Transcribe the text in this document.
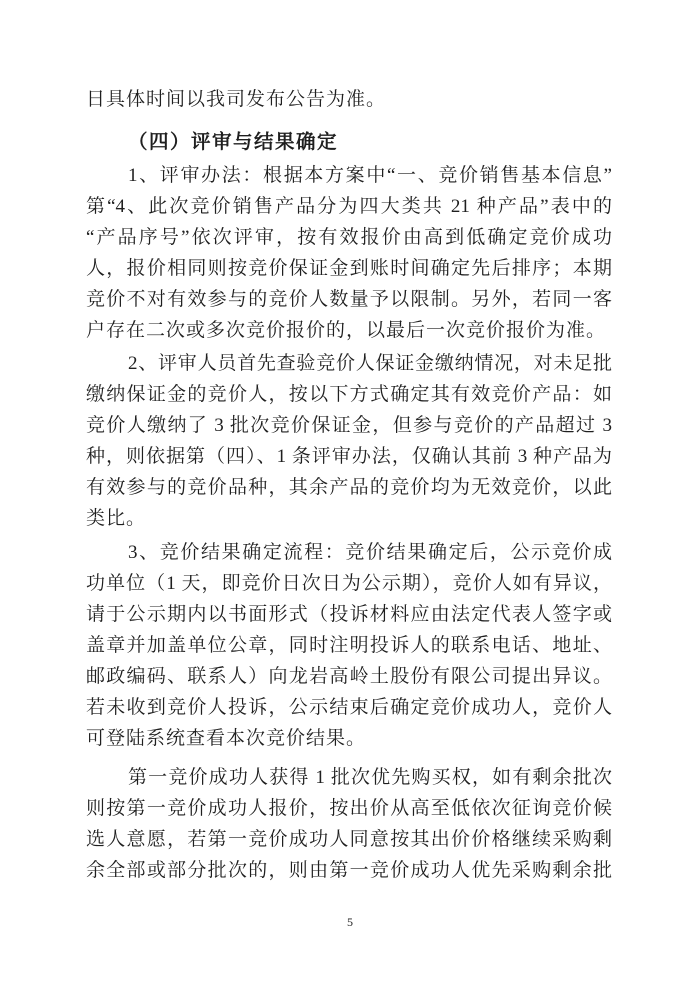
日具体时间以我司发布公告为准。
（四）评审与结果确定
1、评审办法：根据本方案中“一、竞价销售基本信息”
第“4、此次竞价销售产品分为四大类共 21 种产品”表中的
“产品序号”依次评审，按有效报价由高到低确定竞价成功
人，报价相同则按竞价保证金到账时间确定先后排序；本期
竞价不对有效参与的竞价人数量予以限制。另外，若同一客
户存在二次或多次竞价报价的，以最后一次竞价报价为准。
2、评审人员首先查验竞价人保证金缴纳情况，对未足批
缴纳保证金的竞价人，按以下方式确定其有效竞价产品：如
竞价人缴纳了 3 批次竞价保证金，但参与竞价的产品超过 3
种，则依据第（四）、1 条评审办法，仅确认其前 3 种产品为
有效参与的竞价品种，其余产品的竞价均为无效竞价，以此
类比。
3、竞价结果确定流程：竞价结果确定后，公示竞价成
功单位（1 天，即竞价日次日为公示期），竞价人如有异议，
请于公示期内以书面形式（投诉材料应由法定代表人签字或
盖章并加盖单位公章，同时注明投诉人的联系电话、地址、
邮政编码、联系人）向龙岩高岭土股份有限公司提出异议。
若未收到竞价人投诉，公示结束后确定竞价成功人，竞价人
可登陆系统查看本次竞价结果。
第一竞价成功人获得 1 批次优先购买权，如有剩余批次
则按第一竞价成功人报价，按出价从高至低依次征询竞价候
选人意愿，若第一竞价成功人同意按其出价价格继续采购剩
余全部或部分批次的，则由第一竞价成功人优先采购剩余批
5
